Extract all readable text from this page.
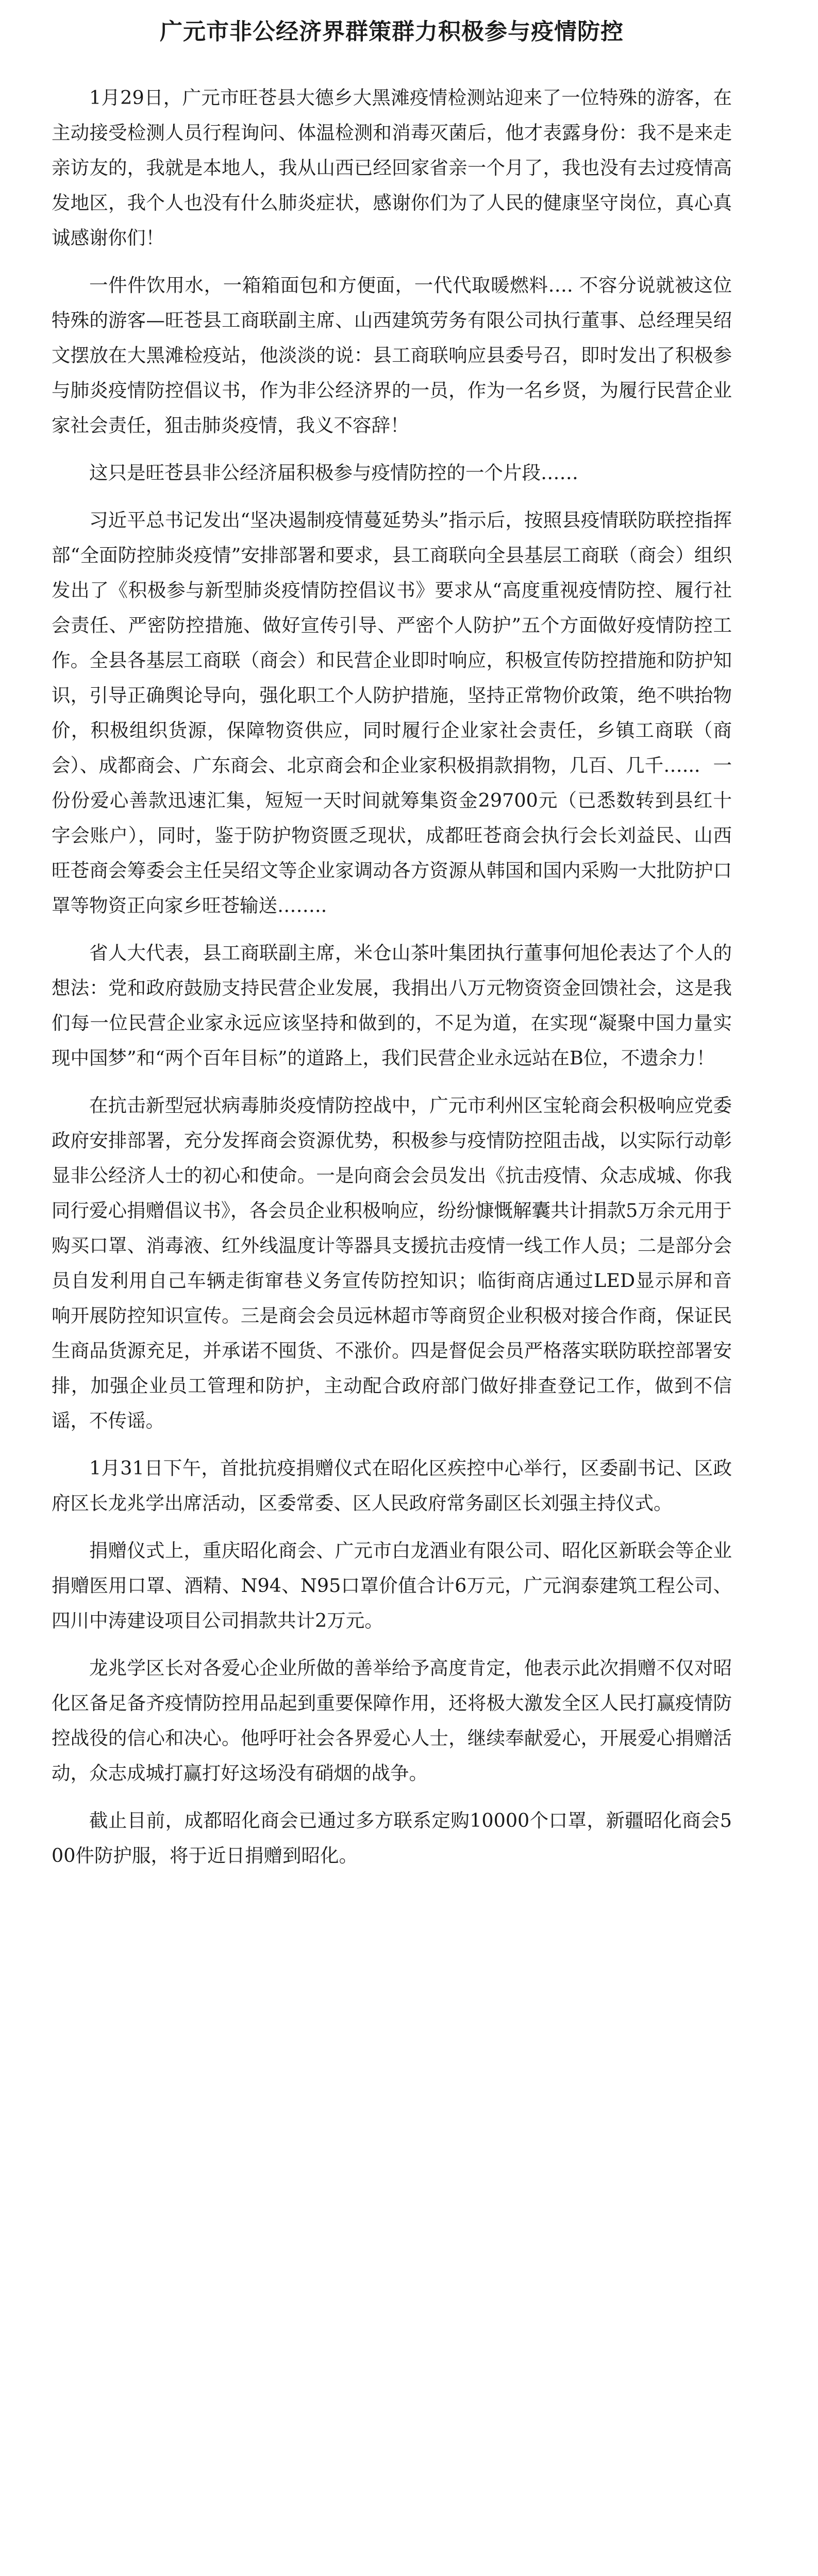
广元市非公经济界群策群力积极参与疫情防控

1月29日，广元市旺苍县大德乡大黑滩疫情检测站迎来了一位特殊的游客，在主动接受检测人员行程询问、体温检测和消毒灭菌后，他才表露身份：我不是来走亲访友的，我就是本地人，我从山西已经回家省亲一个月了，我也没有去过疫情高发地区，我个人也没有什么肺炎症状，感谢你们为了人民的健康坚守岗位，真心真诚感谢你们！

一件件饮用水，一箱箱面包和方便面，一代代取暖燃料…. 不容分说就被这位特殊的游客—旺苍县工商联副主席、山西建筑劳务有限公司执行董事、总经理吴绍文摆放在大黑滩检疫站，他淡淡的说：县工商联响应县委号召，即时发出了积极参与肺炎疫情防控倡议书，作为非公经济界的一员，作为一名乡贤，为履行民营企业家社会责任，狙击肺炎疫情，我义不容辞！

这只是旺苍县非公经济届积极参与疫情防控的一个片段……

习近平总书记发出“坚决遏制疫情蔓延势头”指示后，按照县疫情联防联控指挥部“全面防控肺炎疫情”安排部署和要求，县工商联向全县基层工商联（商会）组织发出了《积极参与新型肺炎疫情防控倡议书》要求从“高度重视疫情防控、履行社会责任、严密防控措施、做好宣传引导、严密个人防护”五个方面做好疫情防控工作。全县各基层工商联（商会）和民营企业即时响应，积极宣传防控措施和防护知识，引导正确舆论导向，强化职工个人防护措施，坚持正常物价政策，绝不哄抬物价，积极组织货源，保障物资供应，同时履行企业家社会责任，乡镇工商联（商会）、成都商会、广东商会、北京商会和企业家积极捐款捐物，几百、几千…..．一份份爱心善款迅速汇集，短短一天时间就筹集资金29700元（已悉数转到县红十字会账户），同时，鉴于防护物资匮乏现状，成都旺苍商会执行会长刘益民、山西旺苍商会筹委会主任吴绍文等企业家调动各方资源从韩国和国内采购一大批防护口罩等物资正向家乡旺苍输送……..

省人大代表，县工商联副主席，米仓山茶叶集团执行董事何旭伦表达了个人的想法：党和政府鼓励支持民营企业发展，我捐出八万元物资资金回馈社会，这是我们每一位民营企业家永远应该坚持和做到的，不足为道，在实现“凝聚中国力量实现中国梦”和“两个百年目标”的道路上，我们民营企业永远站在B位，不遗余力！

在抗击新型冠状病毒肺炎疫情防控战中，广元市利州区宝轮商会积极响应党委政府安排部署，充分发挥商会资源优势，积极参与疫情防控阻击战，以实际行动彰显非公经济人士的初心和使命。一是向商会会员发出《抗击疫情、众志成城、你我同行爱心捐赠倡议书》，各会员企业积极响应，纷纷慷慨解囊共计捐款5万余元用于购买口罩、消毒液、红外线温度计等器具支援抗击疫情一线工作人员；二是部分会员自发利用自己车辆走街窜巷义务宣传防控知识；临街商店通过LED显示屏和音响开展防控知识宣传。三是商会会员远林超市等商贸企业积极对接合作商，保证民生商品货源充足，并承诺不囤货、不涨价。四是督促会员严格落实联防联控部署安排，加强企业员工管理和防护，主动配合政府部门做好排查登记工作，做到不信谣，不传谣。

1月31日下午，首批抗疫捐赠仪式在昭化区疾控中心举行，区委副书记、区政府区长龙兆学出席活动，区委常委、区人民政府常务副区长刘强主持仪式。

捐赠仪式上，重庆昭化商会、广元市白龙酒业有限公司、昭化区新联会等企业捐赠医用口罩、酒精、N94、N95口罩价值合计6万元，广元润泰建筑工程公司、四川中涛建设项目公司捐款共计2万元。

龙兆学区长对各爱心企业所做的善举给予高度肯定，他表示此次捐赠不仅对昭化区备足备齐疫情防控用品起到重要保障作用，还将极大激发全区人民打赢疫情防控战役的信心和决心。他呼吁社会各界爱心人士，继续奉献爱心，开展爱心捐赠活动，众志成城打赢打好这场没有硝烟的战争。

截止目前，成都昭化商会已通过多方联系定购10000个口罩，新疆昭化商会500件防护服，将于近日捐赠到昭化。
